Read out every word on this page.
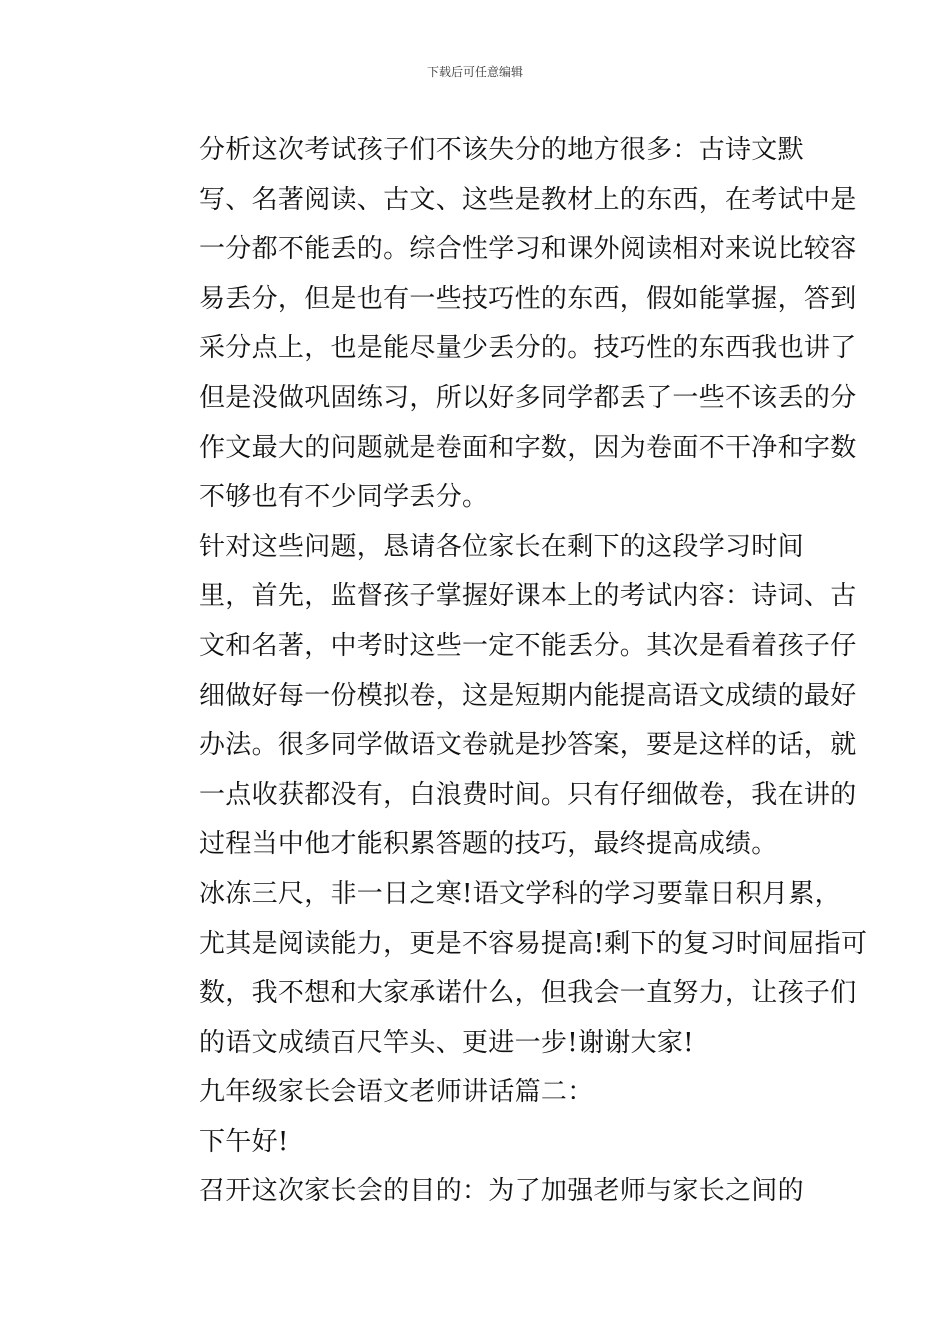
下载后可任意编辑

分析这次考试孩子们不该失分的地方很多：古诗文默
写、名著阅读、古文、这些是教材上的东西，在考试中是
一分都不能丢的。综合性学习和课外阅读相对来说比较容
易丢分，但是也有一些技巧性的东西，假如能掌握，答到
采分点上，也是能尽量少丢分的。技巧性的东西我也讲了
但是没做巩固练习，所以好多同学都丢了一些不该丢的分
作文最大的问题就是卷面和字数，因为卷面不干净和字数
不够也有不少同学丢分。

针对这些问题，恳请各位家长在剩下的这段学习时间
里，首先，监督孩子掌握好课本上的考试内容：诗词、古
文和名著，中考时这些一定不能丢分。其次是看着孩子仔
细做好每一份模拟卷，这是短期内能提高语文成绩的最好
办法。很多同学做语文卷就是抄答案，要是这样的话，就
一点收获都没有，白浪费时间。只有仔细做卷，我在讲的
过程当中他才能积累答题的技巧，最终提高成绩。

冰冻三尺，非一日之寒!语文学科的学习要靠日积月累，
尤其是阅读能力，更是不容易提高!剩下的复习时间屈指可
数，我不想和大家承诺什么，但我会一直努力，让孩子们
的语文成绩百尺竿头、更进一步!谢谢大家!

九年级家长会语文老师讲话篇二：

下午好!

召开这次家长会的目的：为了加强老师与家长之间的
